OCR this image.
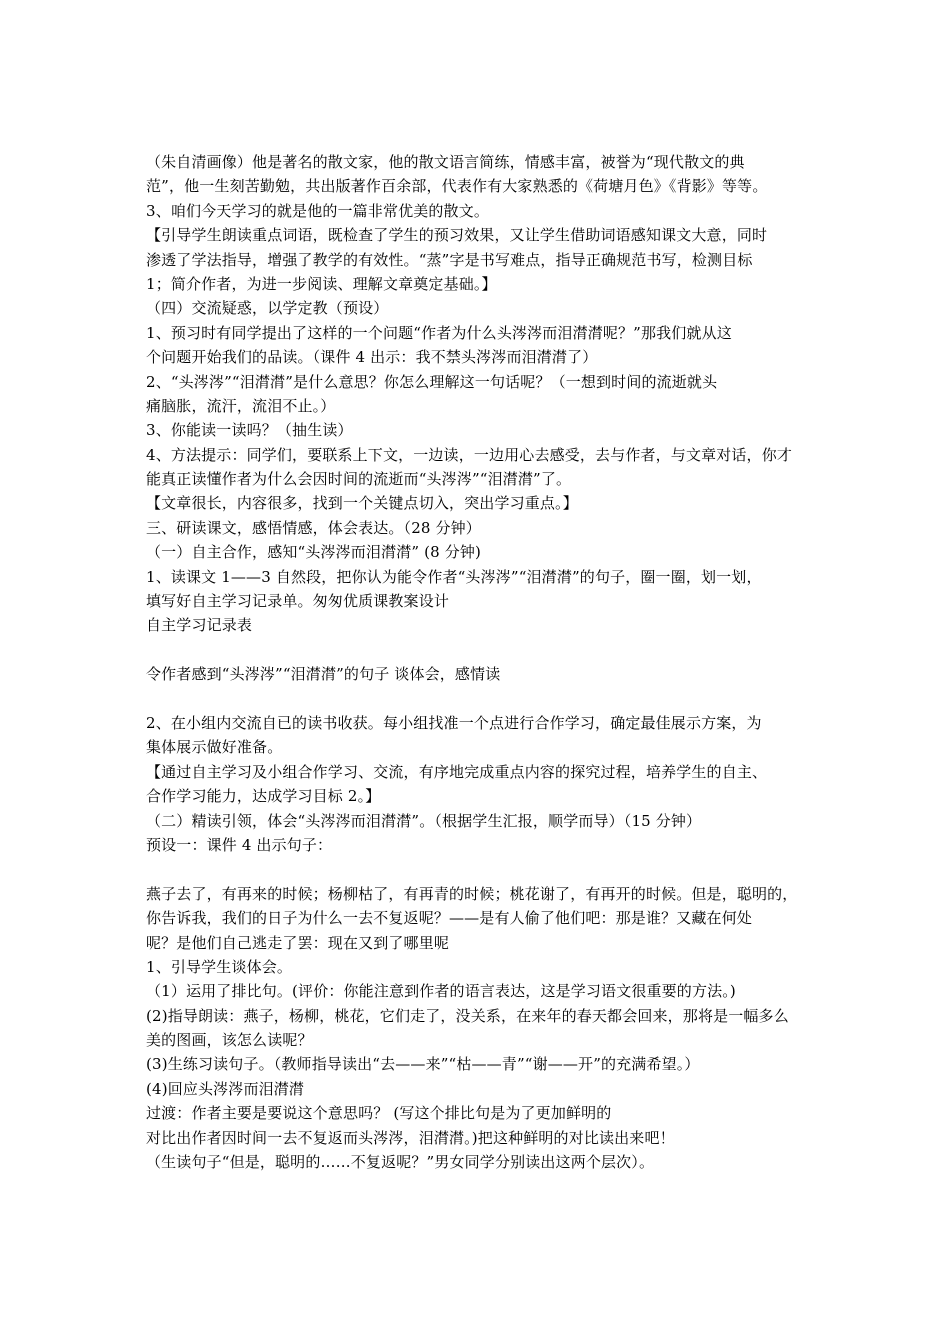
（朱自清画像）他是著名的散文家，他的散文语言简练，情感丰富，被誉为“现代散文的典
范”，他一生刻苦勤勉，共出版著作百余部，代表作有大家熟悉的《荷塘月色》《背影》等等。
3、咱们今天学习的就是他的一篇非常优美的散文。
【引导学生朗读重点词语，既检查了学生的预习效果，又让学生借助词语感知课文大意，同时
渗透了学法指导，增强了教学的有效性。“蒸”字是书写难点，指导正确规范书写，检测目标
1；简介作者，为进一步阅读、理解文章奠定基础。】
（四）交流疑惑，以学定教（预设）
1、预习时有同学提出了这样的一个问题“作者为什么头涔涔而泪潸潸呢？”那我们就从这
个问题开始我们的品读。（课件 4 出示：我不禁头涔涔而泪潸潸了）
2、“头涔涔”“泪潸潸”是什么意思？你怎么理解这一句话呢？（一想到时间的流逝就头
痛脑胀，流汗，流泪不止。）
3、你能读一读吗？（抽生读）
4、方法提示：同学们，要联系上下文，一边读，一边用心去感受，去与作者，与文章对话，你才
能真正读懂作者为什么会因时间的流逝而“头涔涔”“泪潸潸”了。
【文章很长，内容很多，找到一个关键点切入，突出学习重点。】
三、研读课文，感悟情感，体会表达。（28 分钟）
（一）自主合作，感知“头涔涔而泪潸潸” (8 分钟)
1、读课文 1——3 自然段，把你认为能令作者“头涔涔”“泪潸潸”的句子，圈一圈，划一划，
填写好自主学习记录单。匆匆优质课教案设计
自主学习记录表
令作者感到“头涔涔”“泪潸潸”的句子 谈体会，感情读
2、在小组内交流自已的读书收获。每小组找准一个点进行合作学习，确定最佳展示方案，为
集体展示做好准备。
【通过自主学习及小组合作学习、交流，有序地完成重点内容的探究过程，培养学生的自主、
合作学习能力，达成学习目标 2。】
（二）精读引领，体会“头涔涔而泪潸潸”。（根据学生汇报，顺学而导）（15 分钟）
预设一：课件 4 出示句子：
燕子去了，有再来的时候；杨柳枯了，有再青的时候；桃花谢了，有再开的时候。但是，聪明的，
你告诉我，我们的日子为什么一去不复返呢？——是有人偷了他们吧：那是谁？又藏在何处
呢？是他们自己逃走了罢：现在又到了哪里呢
1、引导学生谈体会。
（1）运用了排比句。(评价：你能注意到作者的语言表达，这是学习语文很重要的方法。)
(2)指导朗读：燕子，杨柳，桃花，它们走了，没关系，在来年的春天都会回来，那将是一幅多么
美的图画，该怎么读呢？
(3)生练习读句子。（教师指导读出“去——来”“枯——青”“谢——开”的充满希望。）
(4)回应头涔涔而泪潸潸
过渡：作者主要是要说这个意思吗？ (写这个排比句是为了更加鲜明的
对比出作者因时间一去不复返而头涔涔，泪潸潸。)把这种鲜明的对比读出来吧！
（生读句子“但是，聪明的……不复返呢？”男女同学分别读出这两个层次）。
